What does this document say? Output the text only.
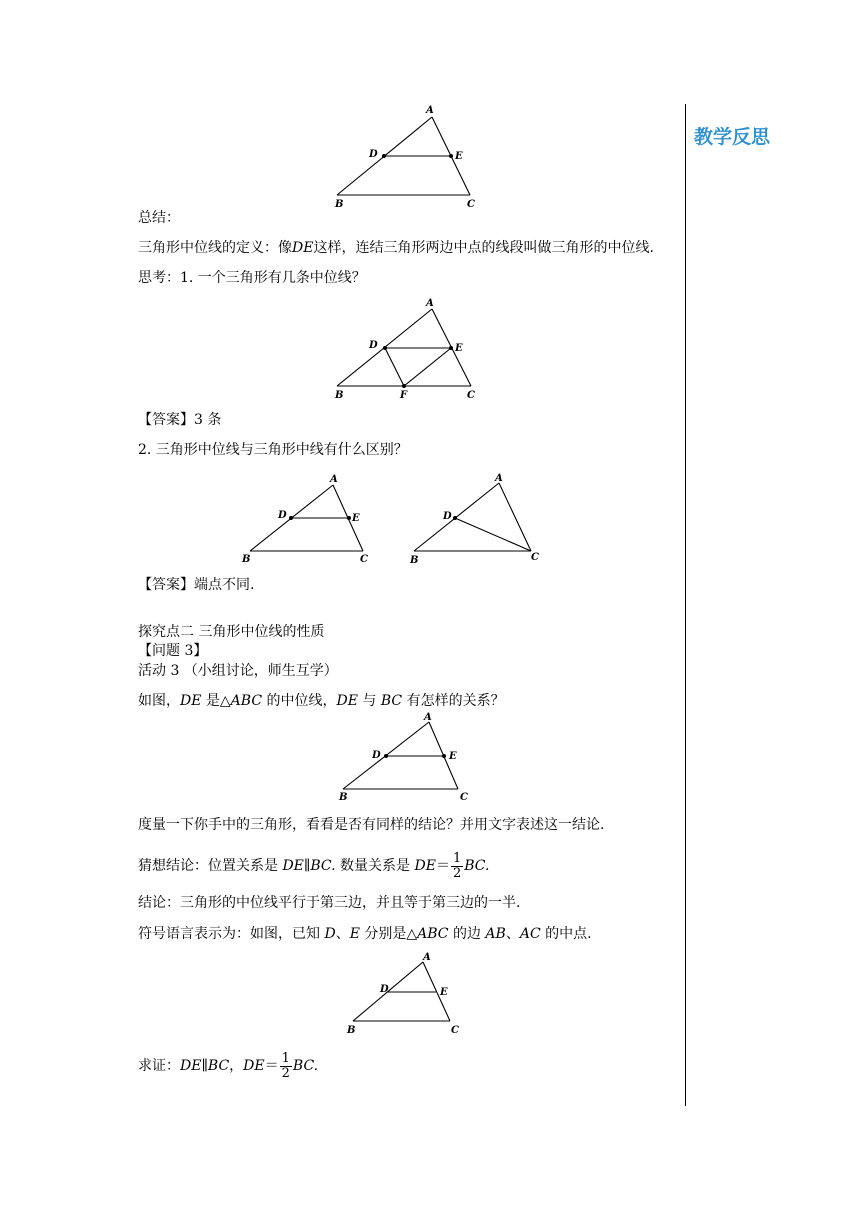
教学反思
A
D	E
B	C
总结：
三角形中位线的定义：像DE这样，连结三角形两边中点的线段叫做三角形的中位线.
思考：1. 一个三角形有几条中位线？
A
D	E
B	F	C
【答案】3 条
2. 三角形中位线与三角形中线有什么区别？
A
D	E
B	C
A
D
B	C
【答案】端点不同.
探究点二 三角形中位线的性质
【问题 3】
活动 3 （小组讨论，师生互学）
如图，DE 是△ABC 的中位线，DE 与 BC 有怎样的关系？
A
D	E
B	C
度量一下你手中的三角形，看看是否有同样的结论？并用文字表述这一结论.
猜想结论：位置关系是 DE∥BC. 数量关系是 $DE= \frac{1}{2}$ BC.
结论：三角形的中位线平行于第三边，并且等于第三边的一半.
符号语言表示为：如图，已知 D、E 分别是△ABC 的边 AB、AC 的中点.
A
D	E
B	C
求证：DE∥BC，$DE= \frac{1}{2}$ BC.
